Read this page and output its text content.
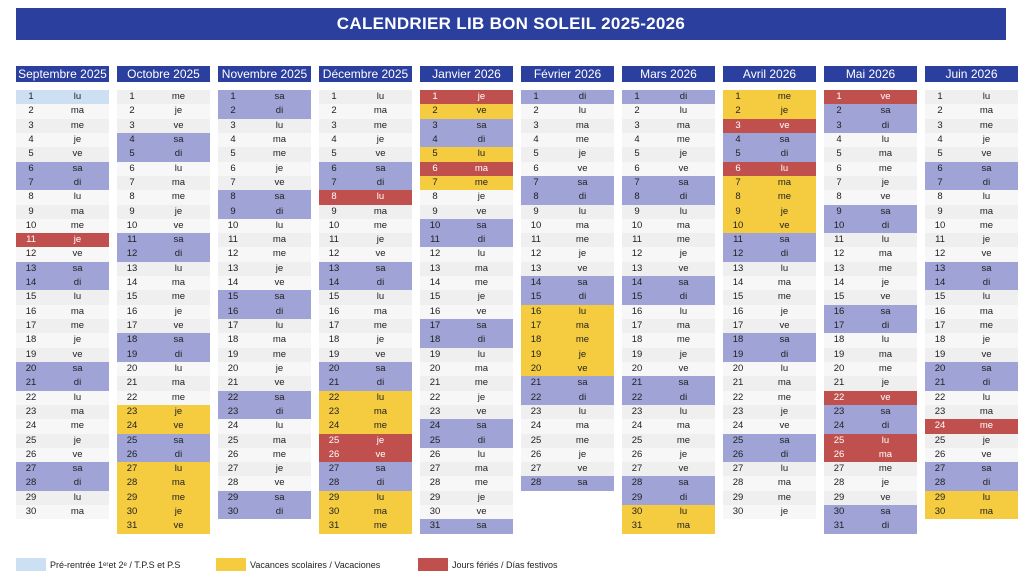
CALENDRIER LIB BON SOLEIL 2025-2026
Septembre 2025
1	lu
2	ma
3	me
4	je
5	ve
6	sa
7	di
8	lu
9	ma
10	me
11	je
12	ve
13	sa
14	di
15	lu
16	ma
17	me
18	je
19	ve
20	sa
21	di
22	lu
23	ma
24	me
25	je
26	ve
27	sa
28	di
29	lu
30	ma
Octobre 2025
1	me
2	je
3	ve
4	sa
5	di
6	lu
7	ma
8	me
9	je
10	ve
11	sa
12	di
13	lu
14	ma
15	me
16	je
17	ve
18	sa
19	di
20	lu
21	ma
22	me
23	je
24	ve
25	sa
26	di
27	lu
28	ma
29	me
30	je
31	ve
Novembre 2025
1	sa
2	di
3	lu
4	ma
5	me
6	je
7	ve
8	sa
9	di
10	lu
11	ma
12	me
13	je
14	ve
15	sa
16	di
17	lu
18	ma
19	me
20	je
21	ve
22	sa
23	di
24	lu
25	ma
26	me
27	je
28	ve
29	sa
30	di
Décembre 2025
1	lu
2	ma
3	me
4	je
5	ve
6	sa
7	di
8	lu
9	ma
10	me
11	je
12	ve
13	sa
14	di
15	lu
16	ma
17	me
18	je
19	ve
20	sa
21	di
22	lu
23	ma
24	me
25	je
26	ve
27	sa
28	di
29	lu
30	ma
31	me
Janvier 2026
1	je
2	ve
3	sa
4	di
5	lu
6	ma
7	me
8	je
9	ve
10	sa
11	di
12	lu
13	ma
14	me
15	je
16	ve
17	sa
18	di
19	lu
20	ma
21	me
22	je
23	ve
24	sa
25	di
26	lu
27	ma
28	me
29	je
30	ve
31	sa
Février 2026
1	di
2	lu
3	ma
4	me
5	je
6	ve
7	sa
8	di
9	lu
10	ma
11	me
12	je
13	ve
14	sa
15	di
16	lu
17	ma
18	me
19	je
20	ve
21	sa
22	di
23	lu
24	ma
25	me
26	je
27	ve
28	sa
Mars 2026
1	di
2	lu
3	ma
4	me
5	je
6	ve
7	sa
8	di
9	lu
10	ma
11	me
12	je
13	ve
14	sa
15	di
16	lu
17	ma
18	me
19	je
20	ve
21	sa
22	di
23	lu
24	ma
25	me
26	je
27	ve
28	sa
29	di
30	lu
31	ma
Avril 2026
1	me
2	je
3	ve
4	sa
5	di
6	lu
7	ma
8	me
9	je
10	ve
11	sa
12	di
13	lu
14	ma
15	me
16	je
17	ve
18	sa
19	di
20	lu
21	ma
22	me
23	je
24	ve
25	sa
26	di
27	lu
28	ma
29	me
30	je
Mai 2026
1	ve
2	sa
3	di
4	lu
5	ma
6	me
7	je
8	ve
9	sa
10	di
11	lu
12	ma
13	me
14	je
15	ve
16	sa
17	di
18	lu
19	ma
20	me
21	je
22	ve
23	sa
24	di
25	lu
26	ma
27	me
28	je
29	ve
30	sa
31	di
Juin 2026
1	lu
2	ma
3	me
4	je
5	ve
6	sa
7	di
8	lu
9	ma
10	me
11	je
12	ve
13	sa
14	di
15	lu
16	ma
17	me
18	je
19	ve
20	sa
21	di
22	lu
23	ma
24	me
25	je
26	ve
27	sa
28	di
29	lu
30	ma
Pré-rentrée 1ᵉʳet 2ᵉ / T.P.S et P.S	Vacances scolaires / Vacaciones	Jours fériés / Días festivos
